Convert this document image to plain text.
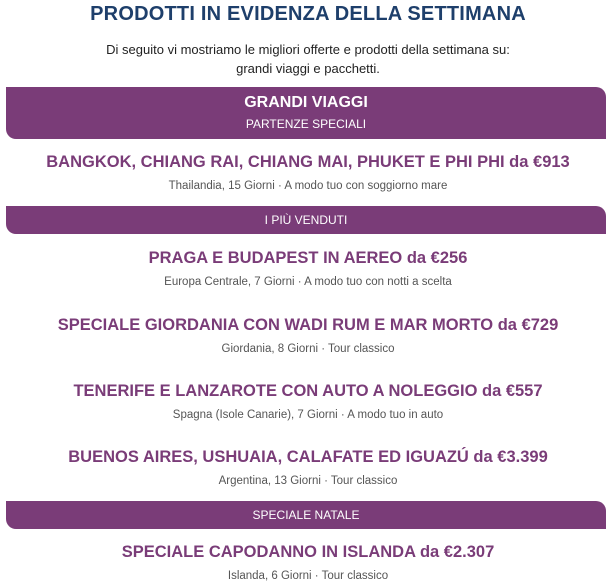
PRODOTTI IN EVIDENZA DELLA SETTIMANA
Di seguito vi mostriamo le migliori offerte e prodotti della settimana su:
grandi viaggi e pacchetti.
GRANDI VIAGGI
PARTENZE SPECIALI
BANGKOK, CHIANG RAI, CHIANG MAI, PHUKET E PHI PHI da €913
Thailandia, 15 Giorni · A modo tuo con soggiorno mare
I PIÙ VENDUTI
PRAGA E BUDAPEST IN AEREO da €256
Europa Centrale, 7 Giorni · A modo tuo con notti a scelta
SPECIALE GIORDANIA CON WADI RUM E MAR MORTO da €729
Giordania, 8 Giorni · Tour classico
TENERIFE E LANZAROTE CON AUTO A NOLEGGIO da €557
Spagna (Isole Canarie), 7 Giorni · A modo tuo in auto
BUENOS AIRES, USHUAIA, CALAFATE ED IGUAZÚ da €3.399
Argentina, 13 Giorni · Tour classico
SPECIALE NATALE
SPECIALE CAPODANNO IN ISLANDA da €2.307
Islanda, 6 Giorni · Tour classico
